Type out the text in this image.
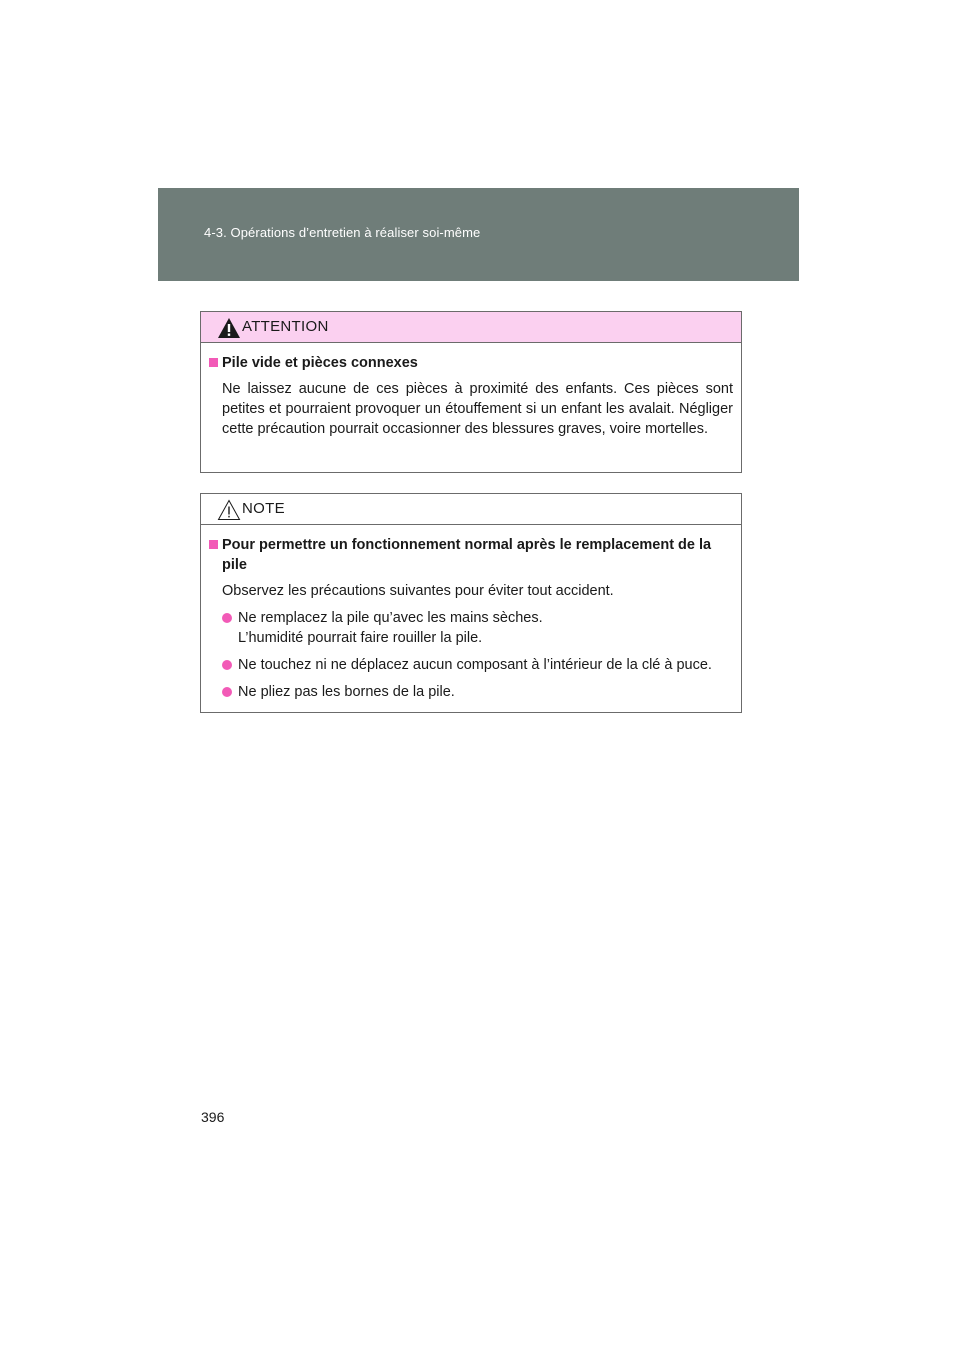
4-3. Opérations d’entretien à réaliser soi-même
ATTENTION
Pile vide et pièces connexes
Ne laissez aucune de ces pièces à proximité des enfants. Ces pièces sont petites et pourraient provoquer un étouffement si un enfant les avalait. Négliger cette précaution pourrait occasionner des blessures graves, voire mortelles.
NOTE
Pour permettre un fonctionnement normal après le remplacement de la pile
Observez les précautions suivantes pour éviter tout accident.
Ne remplacez la pile qu’avec les mains sèches.
L’humidité pourrait faire rouiller la pile.
Ne touchez ni ne déplacez aucun composant à l’intérieur de la clé à puce.
Ne pliez pas les bornes de la pile.
396
